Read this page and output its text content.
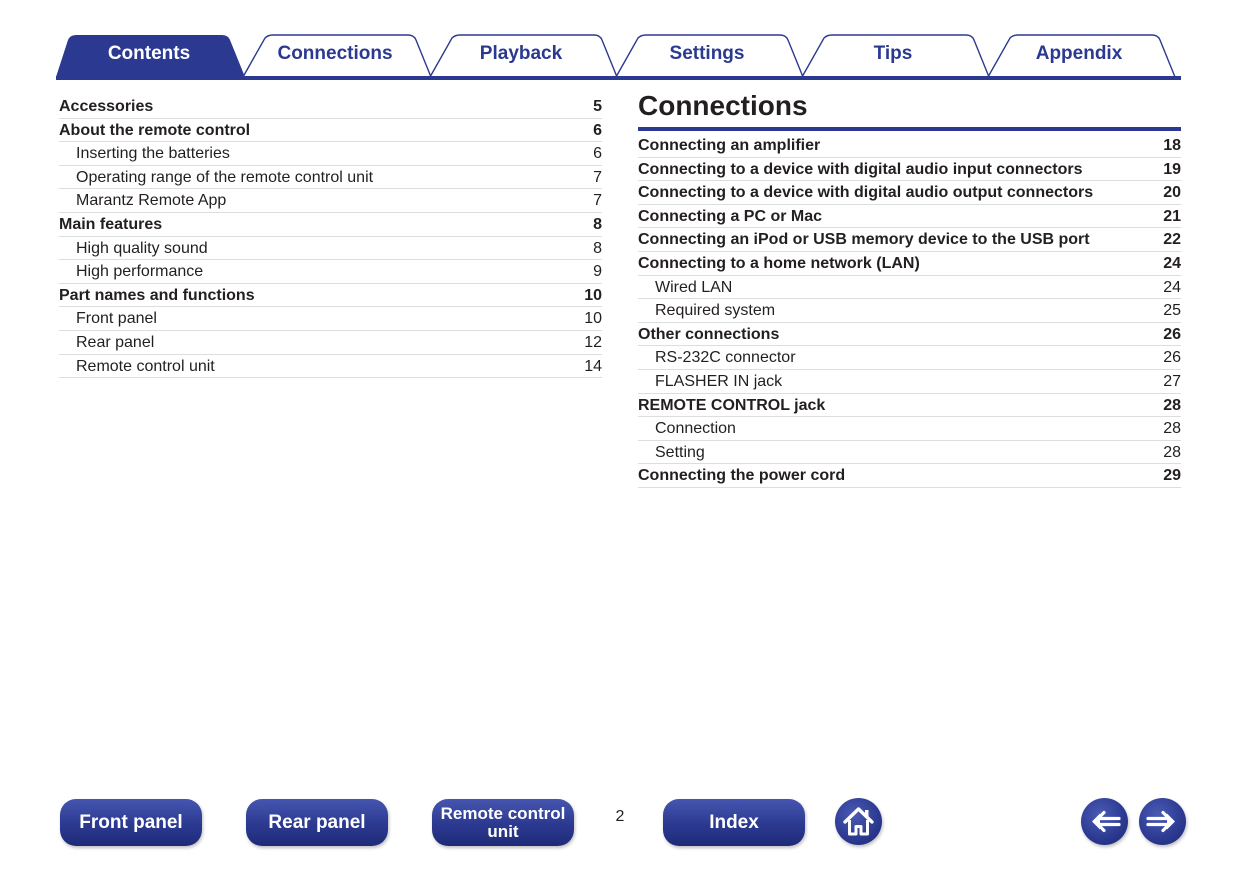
Contents	Connections	Playback	Settings	Tips	Appendix
Accessories	5
About the remote control	6
Inserting the batteries	6
Operating range of the remote control unit	7
Marantz Remote App	7
Main features	8
High quality sound	8
High performance	9
Part names and functions	10
Front panel	10
Rear panel	12
Remote control unit	14
Connections
Connecting an amplifier	18
Connecting to a device with digital audio input connectors	19
Connecting to a device with digital audio output connectors	20
Connecting a PC or Mac	21
Connecting an iPod or USB memory device to the USB port	22
Connecting to a home network (LAN)	24
Wired LAN	24
Required system	25
Other connections	26
RS-232C connector	26
FLASHER IN jack	27
REMOTE CONTROL jack	28
Connection	28
Setting	28
Connecting the power cord	29
Front panel	Rear panel	Remote control
unit
2	Index
